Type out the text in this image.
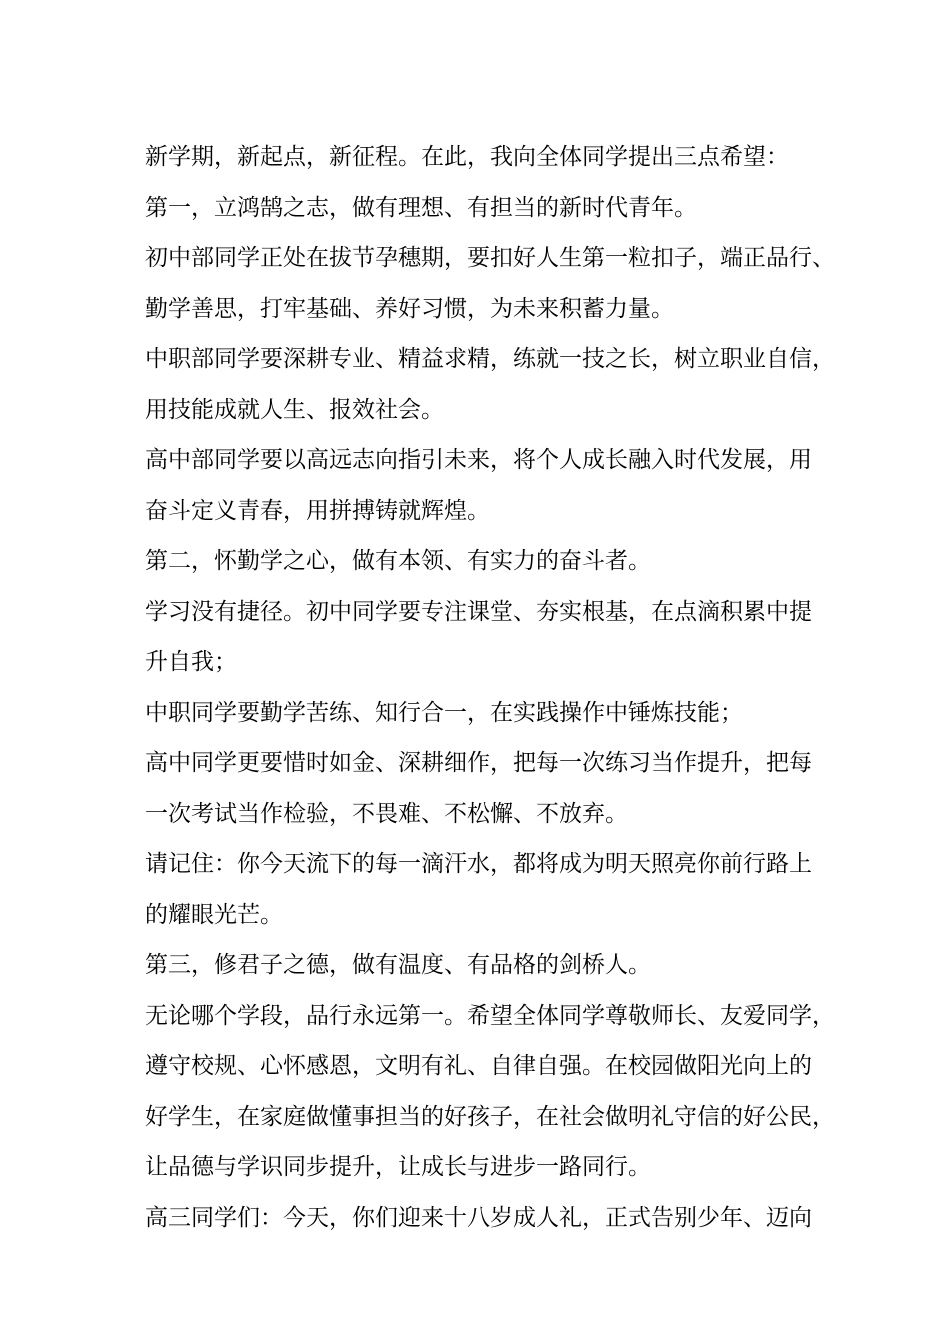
新学期，新起点，新征程。在此，我向全体同学提出三点希望：
第一，立鸿鹄之志，做有理想、有担当的新时代青年。
初中部同学正处在拔节孕穗期，要扣好人生第一粒扣子，端正品行、
勤学善思，打牢基础、养好习惯，为未来积蓄力量。
中职部同学要深耕专业、精益求精，练就一技之长，树立职业自信，
用技能成就人生、报效社会。
高中部同学要以高远志向指引未来，将个人成长融入时代发展，用
奋斗定义青春，用拼搏铸就辉煌。
第二，怀勤学之心，做有本领、有实力的奋斗者。
学习没有捷径。初中同学要专注课堂、夯实根基，在点滴积累中提
升自我；
中职同学要勤学苦练、知行合一，在实践操作中锤炼技能；
高中同学更要惜时如金、深耕细作，把每一次练习当作提升，把每
一次考试当作检验，不畏难、不松懈、不放弃。
请记住：你今天流下的每一滴汗水，都将成为明天照亮你前行路上
的耀眼光芒。
第三，修君子之德，做有温度、有品格的剑桥人。
无论哪个学段，品行永远第一。希望全体同学尊敬师长、友爱同学，
遵守校规、心怀感恩，文明有礼、自律自强。在校园做阳光向上的
好学生，在家庭做懂事担当的好孩子，在社会做明礼守信的好公民，
让品德与学识同步提升，让成长与进步一路同行。
高三同学们：今天，你们迎来十八岁成人礼，正式告别少年、迈向
